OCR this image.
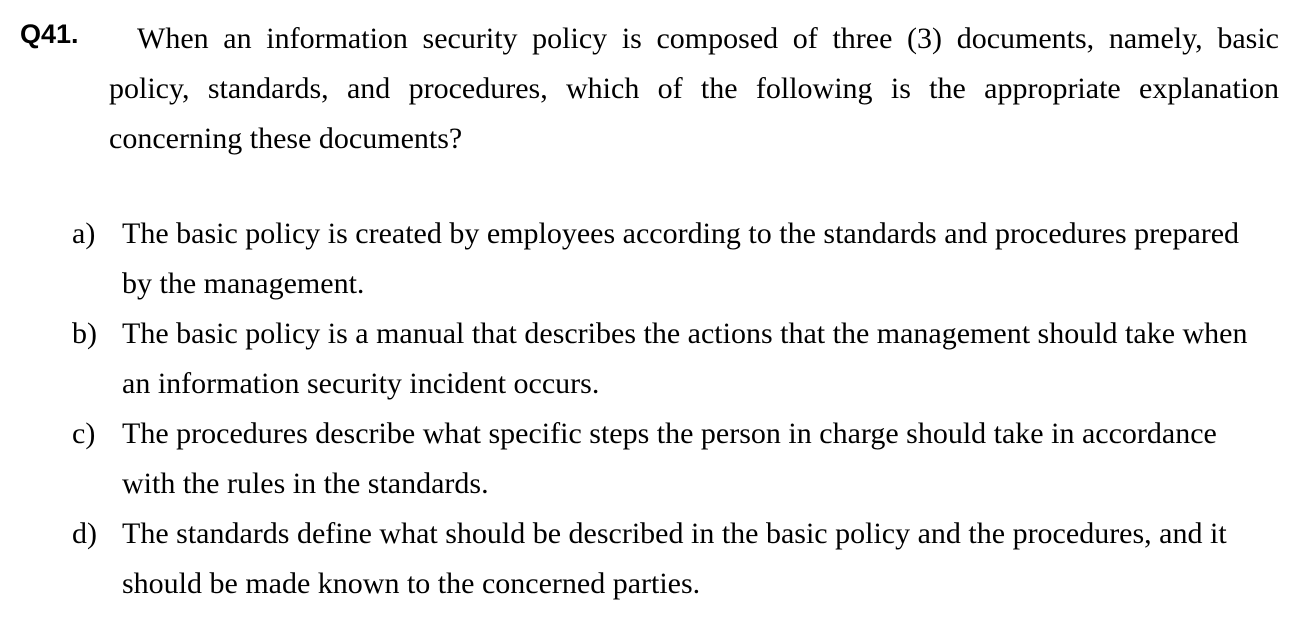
Q41.	When an information security policy is composed of three (3) documents, namely, basic policy, standards, and procedures, which of the following is the appropriate explanation concerning these documents?
a) The basic policy is created by employees according to the standards and procedures prepared by the management.
b) The basic policy is a manual that describes the actions that the management should take when an information security incident occurs.
c) The procedures describe what specific steps the person in charge should take in accordance with the rules in the standards.
d) The standards define what should be described in the basic policy and the procedures, and it should be made known to the concerned parties.
